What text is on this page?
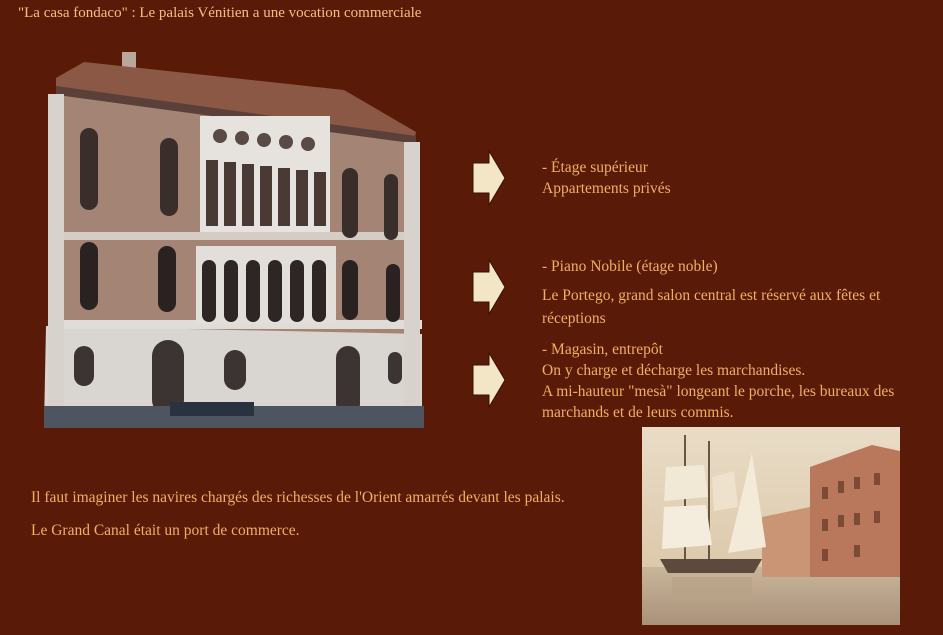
"La casa fondaco" : Le palais Vénitien a une vocation commerciale
- Étage supérieur
Appartements privés
- Piano Nobile (étage noble)
Le Portego, grand salon central est réservé aux fêtes et réceptions
- Magasin, entrepôt
On y charge et décharge les marchandises.
A mi-hauteur "mesà" longeant le porche, les bureaux des marchands et de leurs commis.

Il faut imaginer les navires chargés des richesses de l'Orient amarrés devant les palais.

Le Grand Canal était un port de commerce.
